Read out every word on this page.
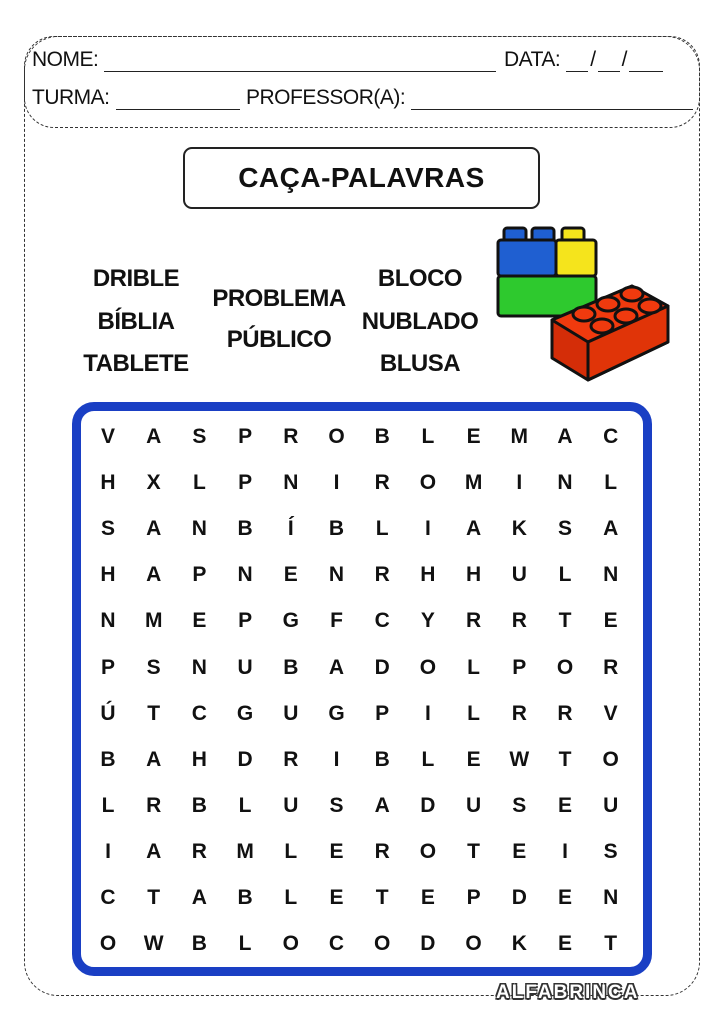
NOME:	DATA: / /
TURMA:	PROFESSOR(A):
CAÇA-PALAVRAS
DRIBLE
BÍBLIA
TABLETE
PROBLEMA
PÚBLICO
BLOCO
NUBLADO
BLUSA
V	A	S	P	R	O	B	L	E	M	A	C
H	X	L	P	N	I	R	O	M	I	N	L
S	A	N	B	Í	B	L	I	A	K	S	A
H	A	P	N	E	N	R	H	H	U	L	N
N	M	E	P	G	F	C	Y	R	R	T	E
P	S	N	U	B	A	D	O	L	P	O	R
Ú	T	C	G	U	G	P	I	L	R	R	V
B	A	H	D	R	I	B	L	E	W	T	O
L	R	B	L	U	S	A	D	U	S	E	U
I	A	R	M	L	E	R	O	T	E	I	S
C	T	A	B	L	E	T	E	P	D	E	N
O	W	B	L	O	C	O	D	O	K	E	T
ALFABRINCA
